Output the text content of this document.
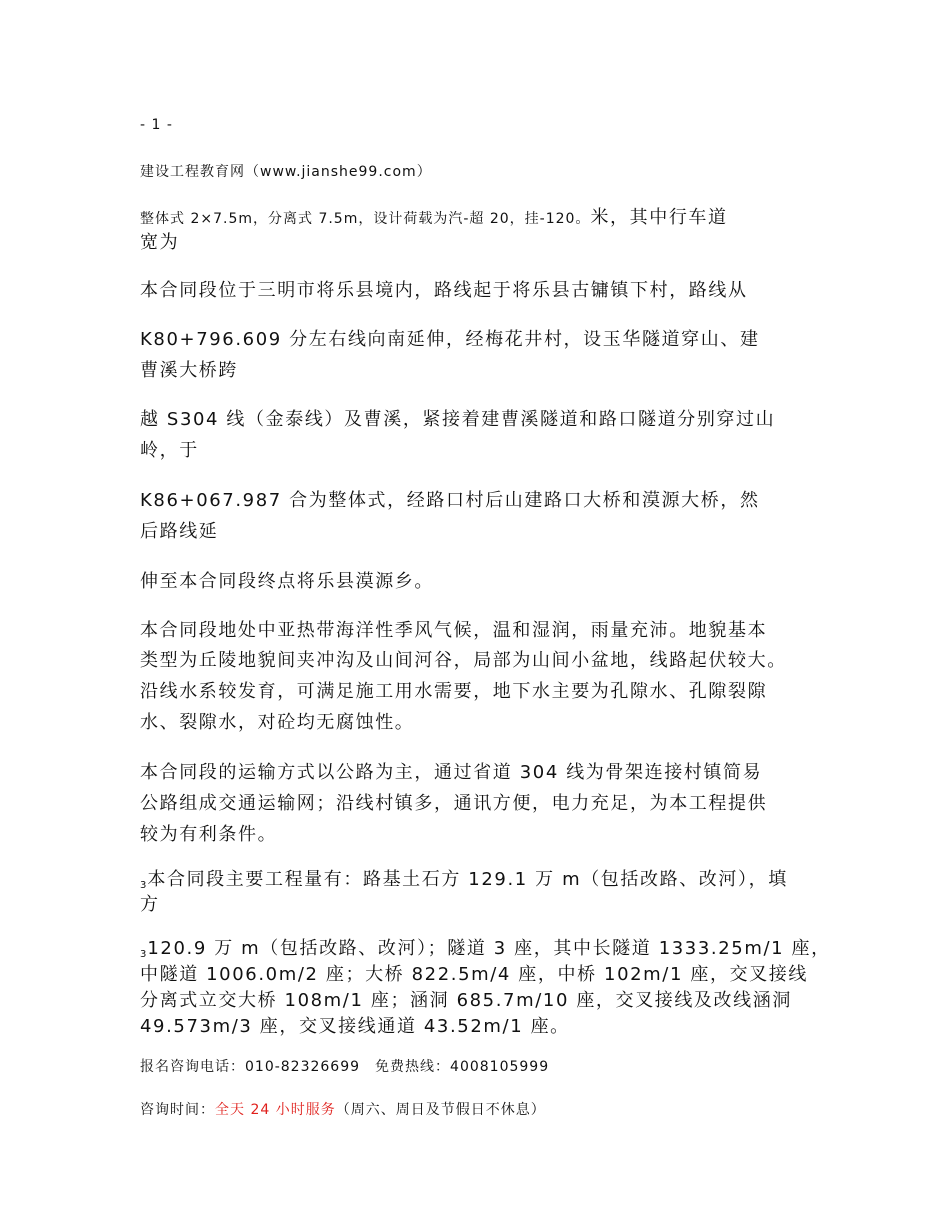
- 1 -

建设工程教育网（www.jianshe99.com）

整体式 2×7.5m，分离式 7.5m，设计荷载为汽-超 20，挂-120。米，其中行车道

宽为

本合同段位于三明市将乐县境内，路线起于将乐县古镛镇下村，路线从

K80+796.609 分左右线向南延伸，经梅花井村，设玉华隧道穿山、建

曹溪大桥跨

越 S304 线（金泰线）及曹溪，紧接着建曹溪隧道和路口隧道分别穿过山

岭，于

K86+067.987 合为整体式，经路口村后山建路口大桥和漠源大桥，然

后路线延

伸至本合同段终点将乐县漠源乡。

本合同段地处中亚热带海洋性季风气候，温和湿润，雨量充沛。地貌基本

类型为丘陵地貌间夹冲沟及山间河谷，局部为山间小盆地，线路起伏较大。

沿线水系较发育，可满足施工用水需要，地下水主要为孔隙水、孔隙裂隙

水、裂隙水，对砼均无腐蚀性。

本合同段的运输方式以公路为主，通过省道 304 线为骨架连接村镇简易

公路组成交通运输网；沿线村镇多，通讯方便，电力充足，为本工程提供

较为有利条件。

$_3$本合同段主要工程量有：路基土石方 129.1 万 m（包括改路、改河），填

方

$_3$120.9 万 m（包括改路、改河）；隧道 3 座，其中长隧道 1333.25m/1 座，

中隧道 1006.0m/2 座；大桥 822.5m/4 座，中桥 102m/1 座，交叉接线

分离式立交大桥 108m/1 座；涵洞 685.7m/10 座，交叉接线及改线涵洞

49.573m/3 座，交叉接线通道 43.52m/1 座。

报名咨询电话：010-82326699　免费热线：4008105999

咨询时间：全天 24 小时服务（周六、周日及节假日不休息）
